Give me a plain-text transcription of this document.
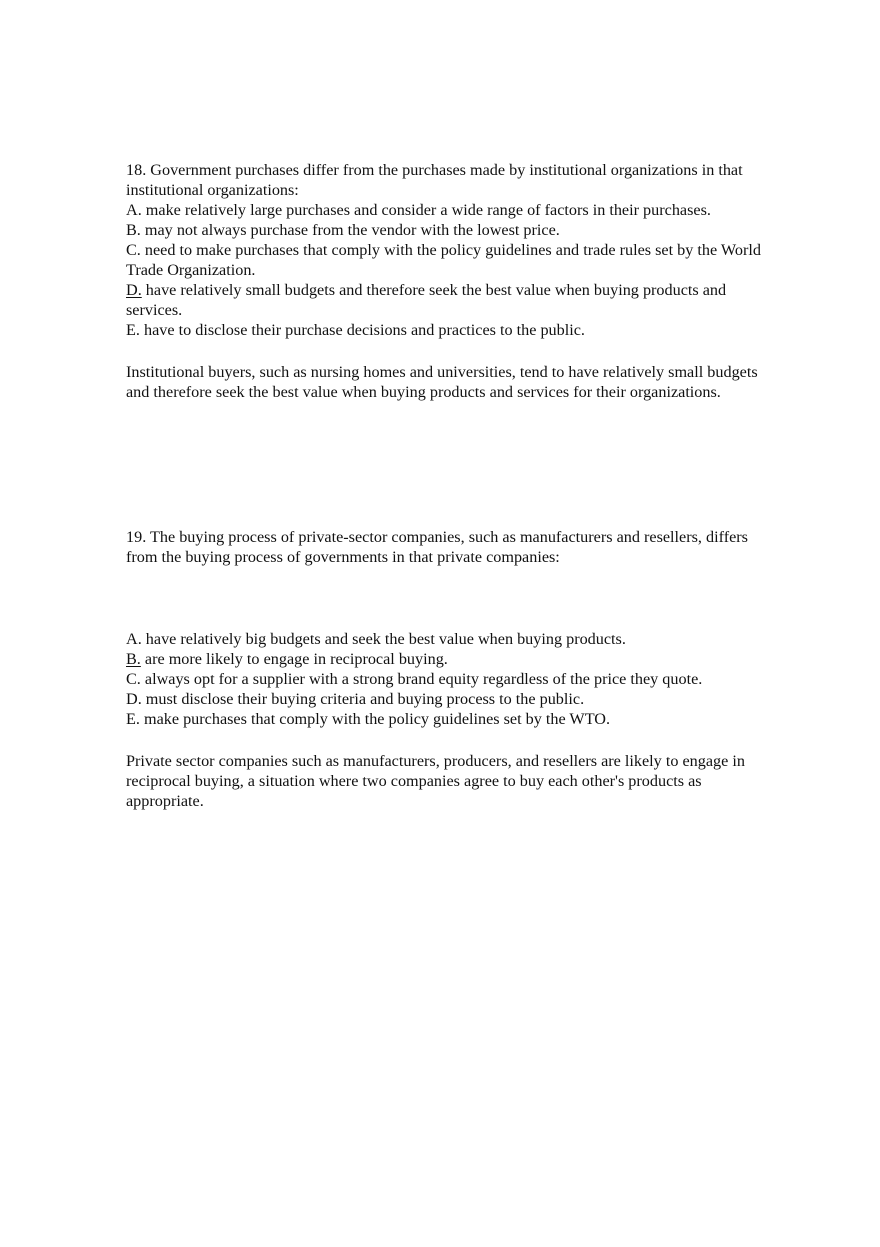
18. Government purchases differ from the purchases made by institutional organizations in that institutional organizations:

A. make relatively large purchases and consider a wide range of factors in their purchases.
B. may not always purchase from the vendor with the lowest price.
C. need to make purchases that comply with the policy guidelines and trade rules set by the World Trade Organization.
D. have relatively small budgets and therefore seek the best value when buying products and services.
E. have to disclose their purchase decisions and practices to the public.

Institutional buyers, such as nursing homes and universities, tend to have relatively small budgets and therefore seek the best value when buying products and services for their organizations.

19. The buying process of private-sector companies, such as manufacturers and resellers, differs from the buying process of governments in that private companies:

A. have relatively big budgets and seek the best value when buying products.
B. are more likely to engage in reciprocal buying.
C. always opt for a supplier with a strong brand equity regardless of the price they quote.
D. must disclose their buying criteria and buying process to the public.
E. make purchases that comply with the policy guidelines set by the WTO.

Private sector companies such as manufacturers, producers, and resellers are likely to engage in reciprocal buying, a situation where two companies agree to buy each other's products as appropriate.
